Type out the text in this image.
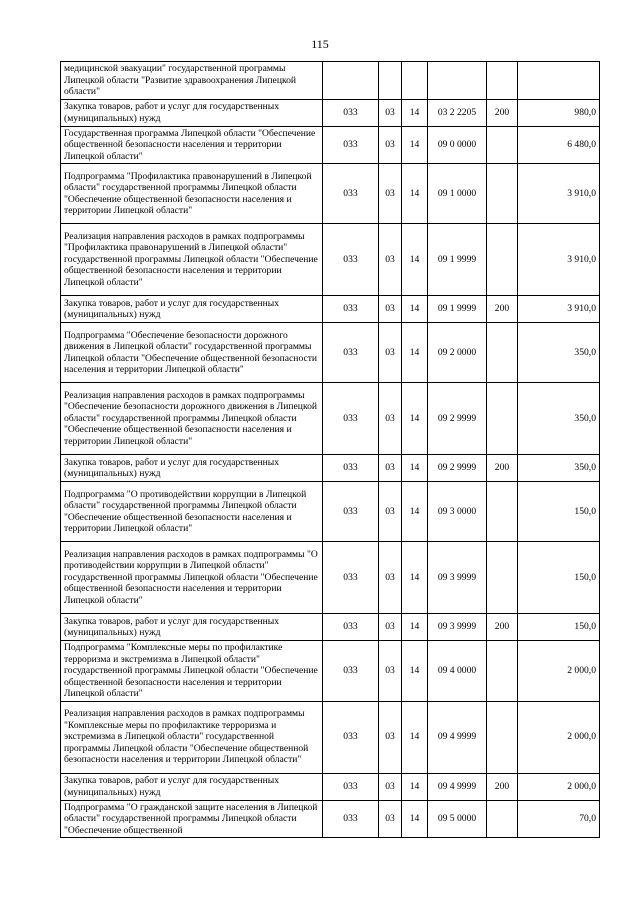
115
медицинской эвакуации" государственной программы Липецкой области "Развитие здравоохранения Липецкой области"						
Закупка товаров, работ и услуг для государственных (муниципальных) нужд	033	03	14	03 2 2205	200	980,0
Государственная программа Липецкой области "Обеспечение общественной безопасности населения и территории Липецкой области"	033	03	14	09 0 0000		6 480,0
Подпрограмма "Профилактика правонарушений в Липецкой области" государственной программы Липецкой области "Обеспечение общественной безопасности населения и территории Липецкой области"	033	03	14	09 1 0000		3 910,0
Реализация направления расходов в рамках подпрограммы "Профилактика правонарушений в Липецкой области" государственной программы Липецкой области "Обеспечение общественной безопасности населения и территории Липецкой области"	033	03	14	09 1 9999		3 910,0
Закупка товаров, работ и услуг для государственных (муниципальных) нужд	033	03	14	09 1 9999	200	3 910,0
Подпрограмма "Обеспечение безопасности дорожного движения в Липецкой области" государственной программы Липецкой области "Обеспечение общественной безопасности населения и территории Липецкой области"	033	03	14	09 2 0000		350,0
Реализация направления расходов в рамках подпрограммы "Обеспечение безопасности дорожного движения в Липецкой области" государственной программы Липецкой области "Обеспечение общественной безопасности населения и территории Липецкой области"	033	03	14	09 2 9999		350,0
Закупка товаров, работ и услуг для государственных (муниципальных) нужд	033	03	14	09 2 9999	200	350,0
Подпрограмма "О противодействии коррупции в Липецкой области" государственной программы Липецкой области "Обеспечение общественной безопасности населения и территории Липецкой области"	033	03	14	09 3 0000		150,0
Реализация направления расходов в рамках подпрограммы "О противодействии коррупции в Липецкой области" государственной программы Липецкой области "Обеспечение общественной безопасности населения и территории Липецкой области"	033	03	14	09 3 9999		150,0
Закупка товаров, работ и услуг для государственных (муниципальных) нужд	033	03	14	09 3 9999	200	150,0
Подпрограмма "Комплексные меры по профилактике терроризма и экстремизма в Липецкой области" государственной программы Липецкой области "Обеспечение общественной безопасности населения и территории Липецкой области"	033	03	14	09 4 0000		2 000,0
Реализация направления расходов в рамках подпрограммы "Комплексные меры по профилактике терроризма и экстремизма в Липецкой области" государственной программы Липецкой области "Обеспечение общественной безопасности населения и территории Липецкой области"	033	03	14	09 4 9999		2 000,0
Закупка товаров, работ и услуг для государственных (муниципальных) нужд	033	03	14	09 4 9999	200	2 000,0
Подпрограмма "О гражданской защите населения в Липецкой области" государственной программы Липецкой области "Обеспечение общественной	033	03	14	09 5 0000		70,0
